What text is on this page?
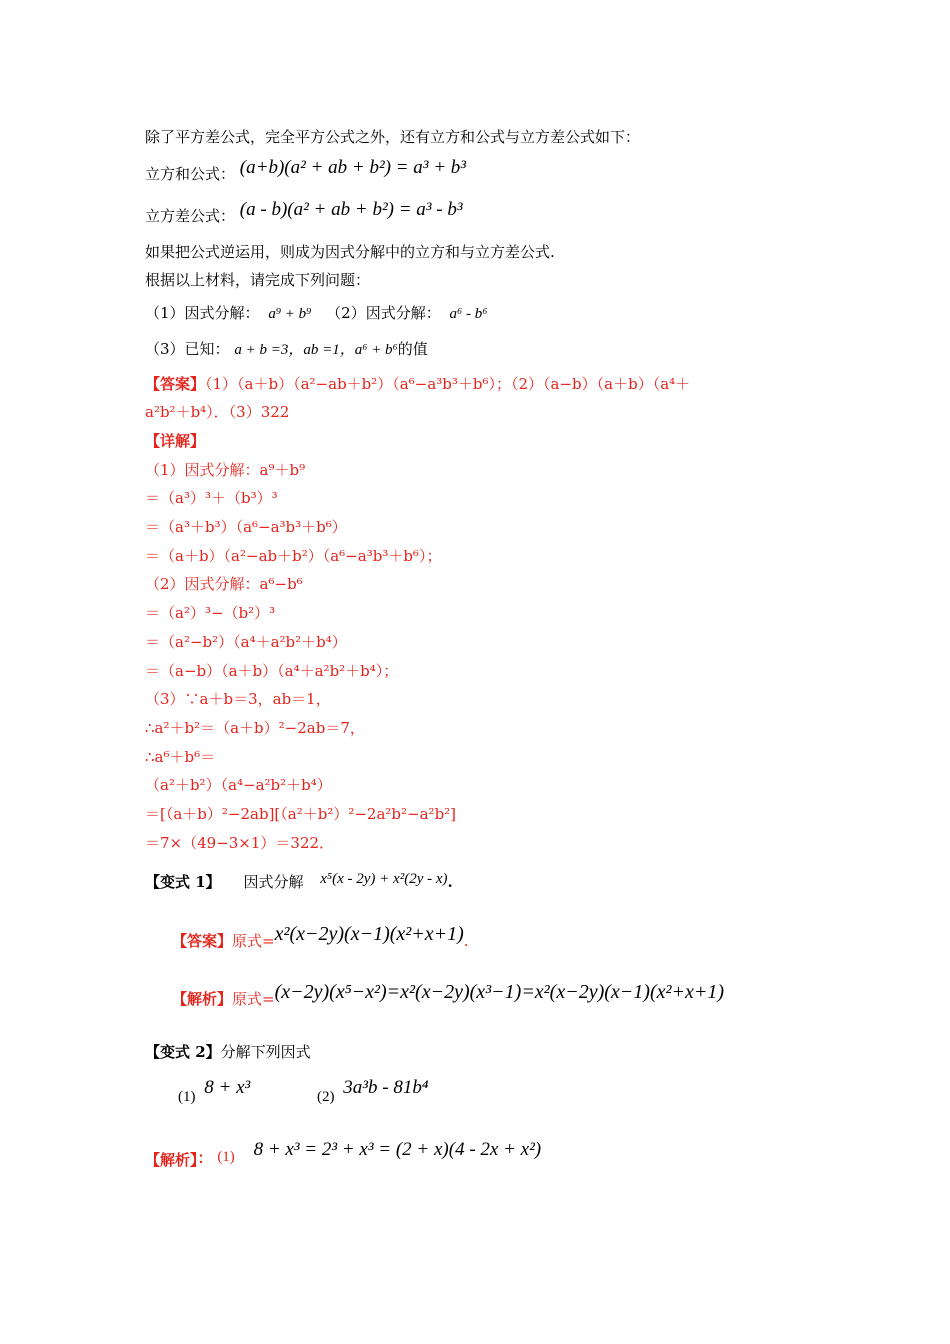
除了平方差公式，完全平方公式之外，还有立方和公式与立方差公式如下：
立方和公式： (a+b)(a² + ab + b²) = a³ + b³
立方差公式： (a - b)(a² + ab + b²) = a³ - b³
如果把公式逆运用，则成为因式分解中的立方和与立方差公式.
根据以上材料，请完成下列问题：
（1）因式分解： a⁹ + b⁹ （2）因式分解： a⁶ - b⁶
（3）已知： a + b =3，ab =1，a⁶ + b⁶的值
【答案】（1）（a＋b）（a²−ab＋b²）（a⁶−a³b³＋b⁶）；（2）（a−b）（a＋b）（a⁴＋
a²b²＋b⁴）．（3）322
【详解】
（1）因式分解：a⁹＋b⁹
＝（a³）³＋（b³）³
＝（a³＋b³）（a⁶−a³b³＋b⁶）
＝（a＋b）（a²−ab＋b²）（a⁶−a³b³＋b⁶）；
（2）因式分解：a⁶−b⁶
＝（a²）³−（b²）³
＝（a²−b²）（a⁴＋a²b²＋b⁴）
＝（a−b）（a＋b）（a⁴＋a²b²＋b⁴）；
（3）∵a＋b＝3，ab＝1，
∴a²＋b²＝（a＋b）²−2ab＝7，
∴a⁶＋b⁶＝
（a²＋b²）（a⁴−a²b²＋b⁴）
＝[（a＋b）²−2ab][（a²＋b²）²−2a²b²−a²b²]
＝7×（49−3×1）＝322．
【变式 1】 因式分解 x⁵(x - 2y) + x²(2y - x).
【答案】原式=x²(x−2y)(x−1)(x²+x+1).
【解析】原式=(x−2y)(x⁵−x²)=x²(x−2y)(x³−1)=x²(x−2y)(x−1)(x²+x+1)
【变式 2】分解下列因式
(1) 8 + x³	(2) 3a³b - 81b⁴
【解析】： (1) 8 + x³ = 2³ + x³ = (2 + x)(4 - 2x + x²)
